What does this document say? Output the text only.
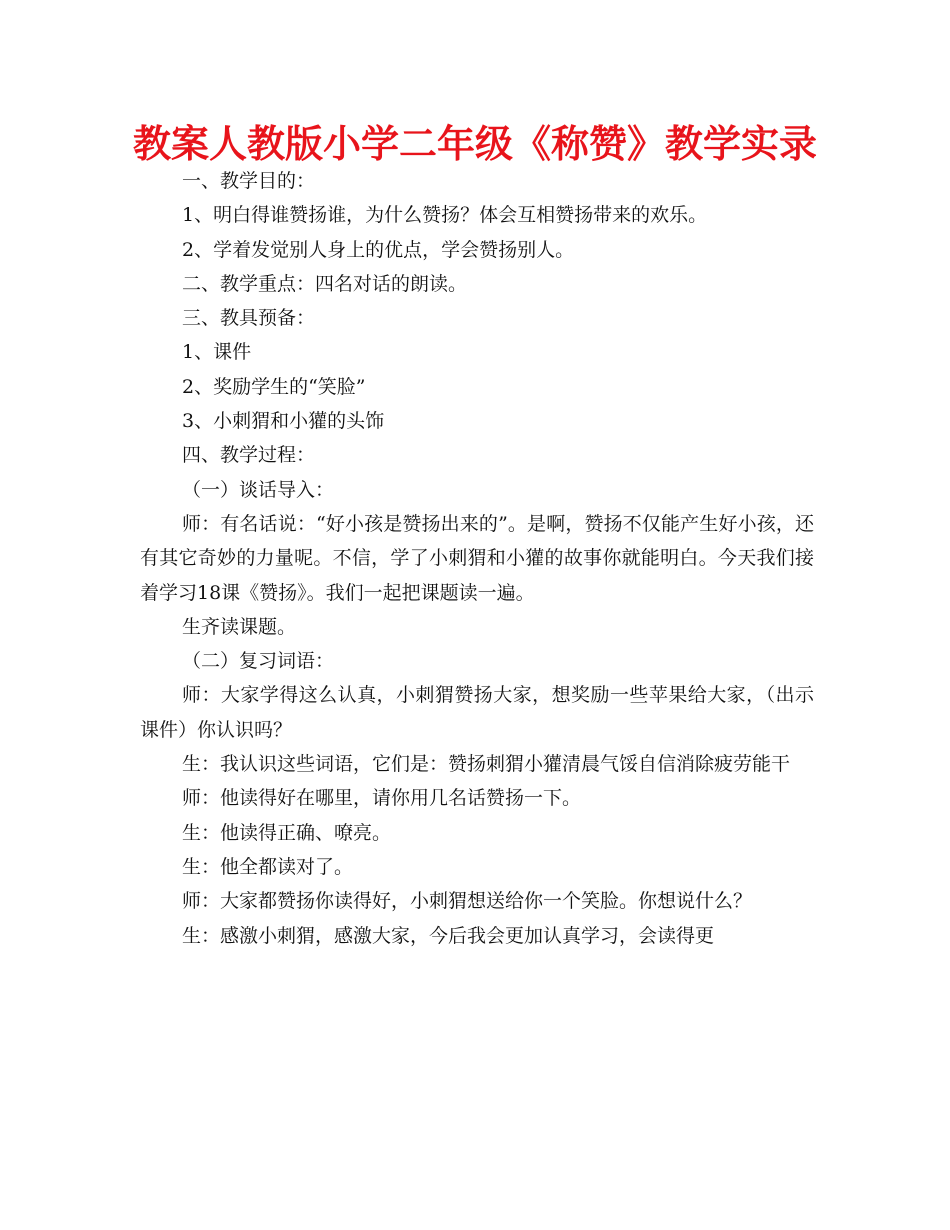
教案人教版小学二年级《称赞》教学实录

一、教学目的：

1、明白得谁赞扬谁，为什么赞扬？体会互相赞扬带来的欢乐。

2、学着发觉别人身上的优点，学会赞扬别人。

二、教学重点：四名对话的朗读。

三、教具预备：

1、课件

2、奖励学生的“笑脸”

3、小刺猬和小獾的头饰

四、教学过程：

（一）谈话导入：

师：有名话说：“好小孩是赞扬出来的”。是啊，赞扬不仅能产生好小孩，还有其它奇妙的力量呢。不信，学了小刺猬和小獾的故事你就能明白。今天我们接着学习18课《赞扬》。我们一起把课题读一遍。

生齐读课题。

（二）复习词语：

师：大家学得这么认真，小刺猬赞扬大家，想奖励一些苹果给大家，（出示课件）你认识吗？

生：我认识这些词语，它们是：赞扬刺猬小獾清晨气馁自信消除疲劳能干

师：他读得好在哪里，请你用几名话赞扬一下。

生：他读得正确、嘹亮。

生：他全都读对了。

师：大家都赞扬你读得好，小刺猬想送给你一个笑脸。你想说什么？

生：感激小刺猬，感激大家，今后我会更加认真学习，会读得更
